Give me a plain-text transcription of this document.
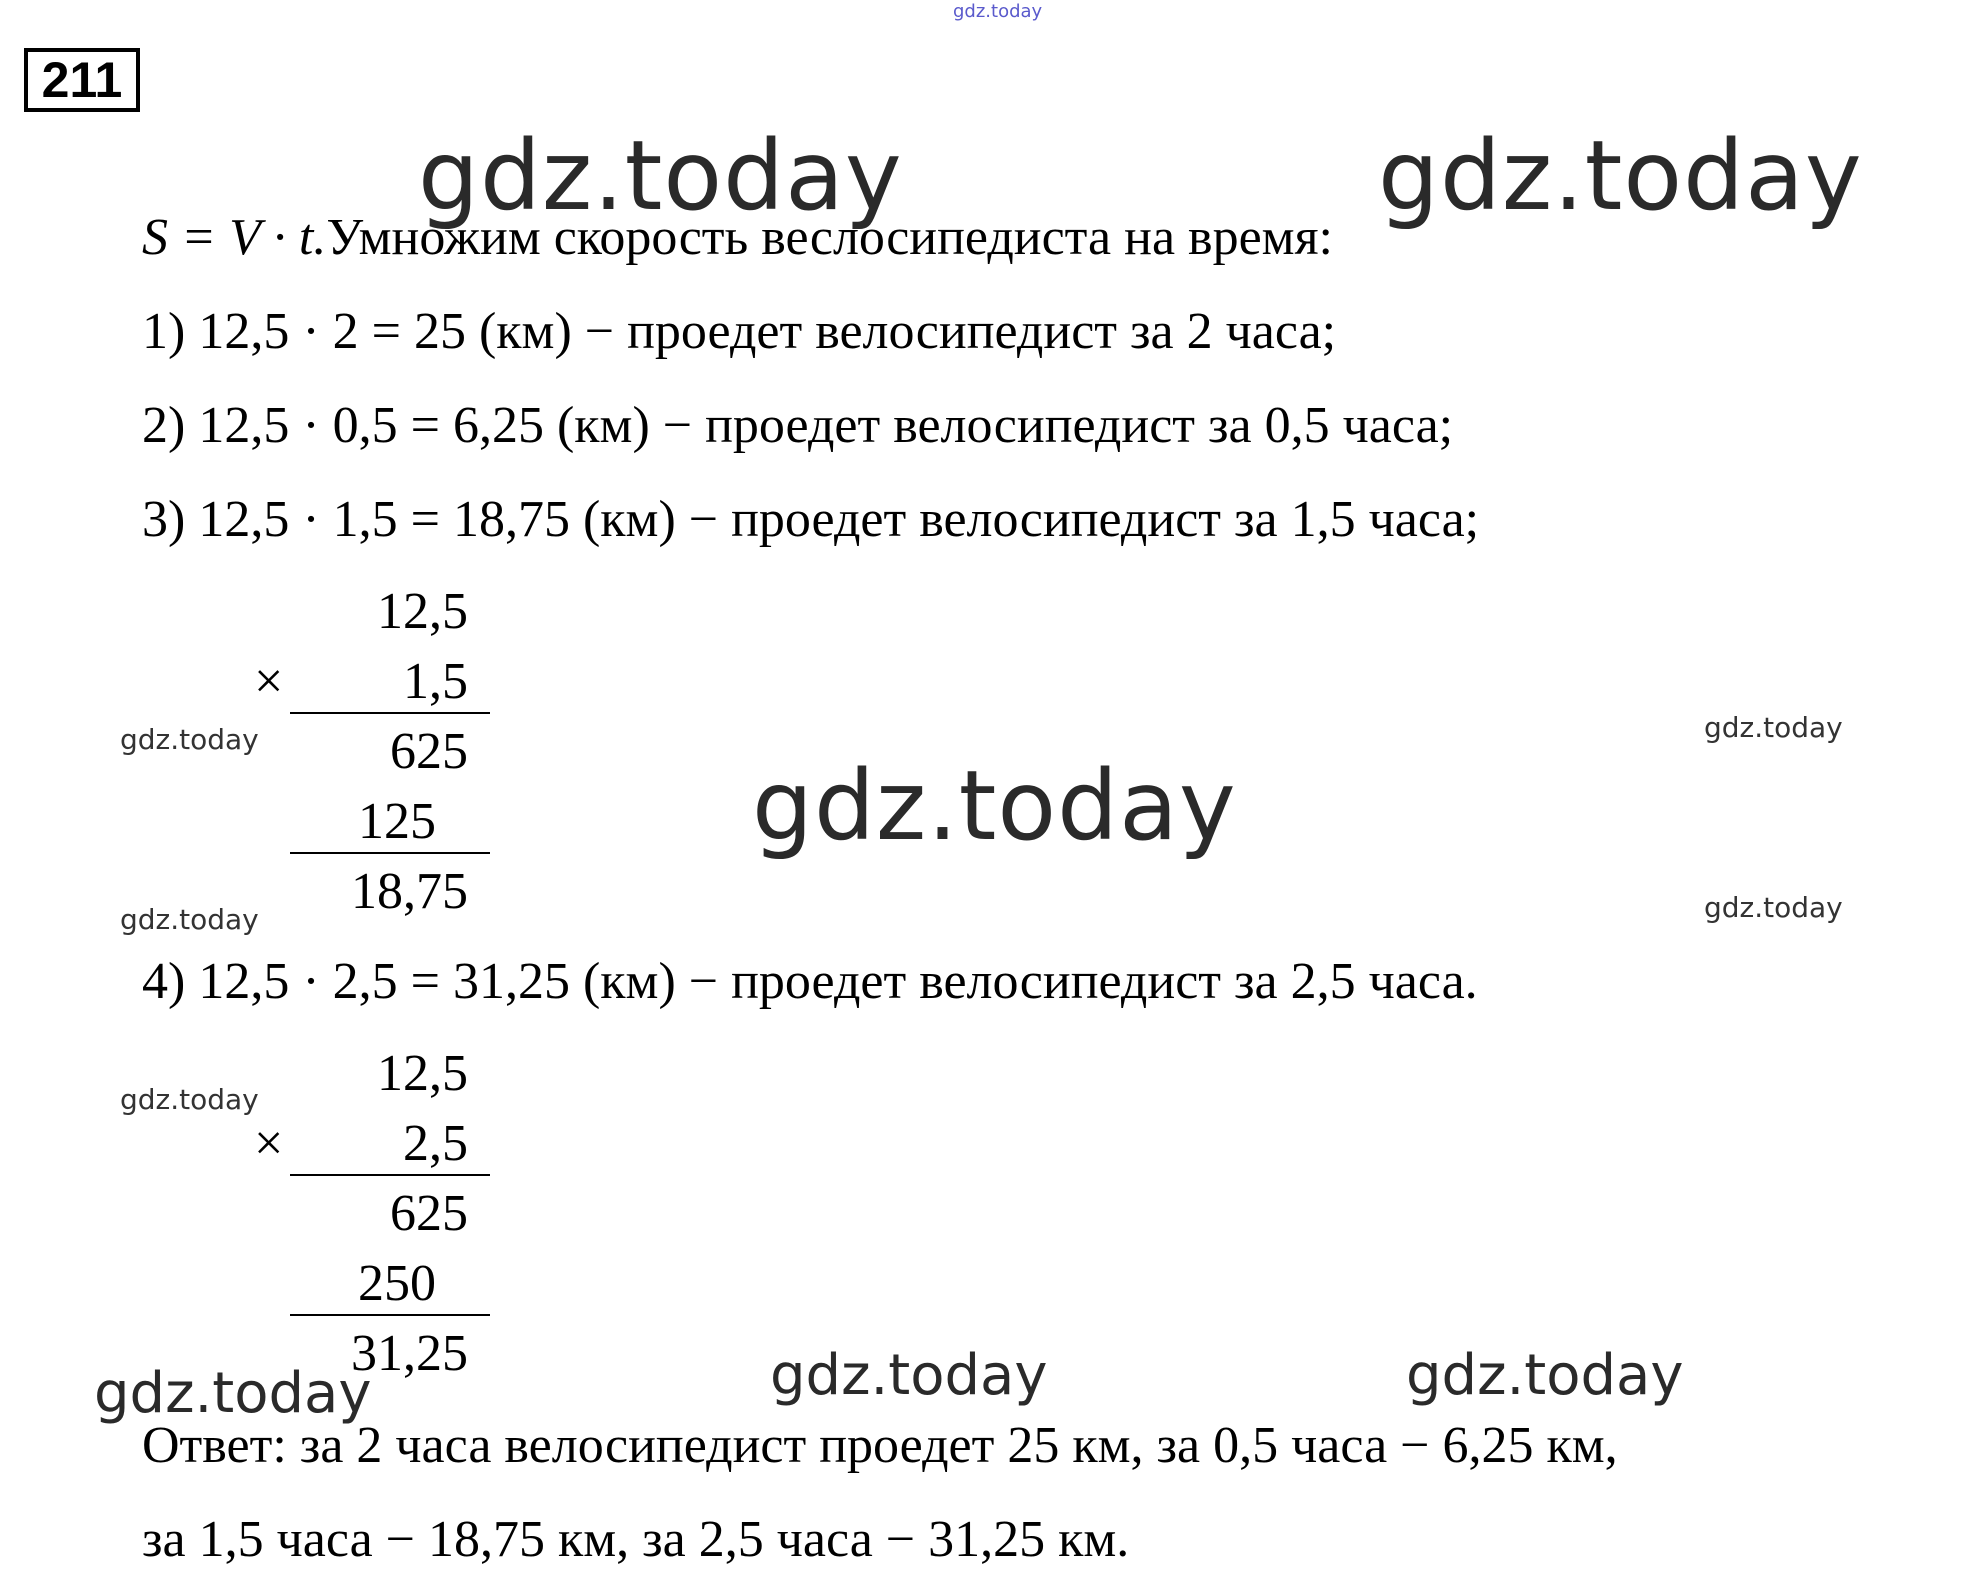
gdz.today
211
gdz.today	gdz.today
gdz.today
S = V · t.Умножим скорость веслосипедиста на время:
1) 12,5 · 2 = 25 (км) − проедет велосипедист за 2 часа;
2) 12,5 · 0,5 = 6,25 (км) − проедет велосипедист за 0,5 часа;
3) 12,5 · 1,5 = 18,75 (км) − проедет велосипедист за 1,5 часа;
12,5
×	1,5
625
125
18,75
gdz.today	gdz.today
gdz.today	gdz.today
gdz.today
4) 12,5 · 2,5 = 31,25 (км) − проедет велосипедист за 2,5 часа.
12,5
×	2,5
625
250
31,25
gdz.today	gdz.today	gdz.today
Ответ: за 2 часа велосипедист проедет 25 км, за 0,5 часа − 6,25 км,
за 1,5 часа − 18,75 км, за 2,5 часа − 31,25 км.
